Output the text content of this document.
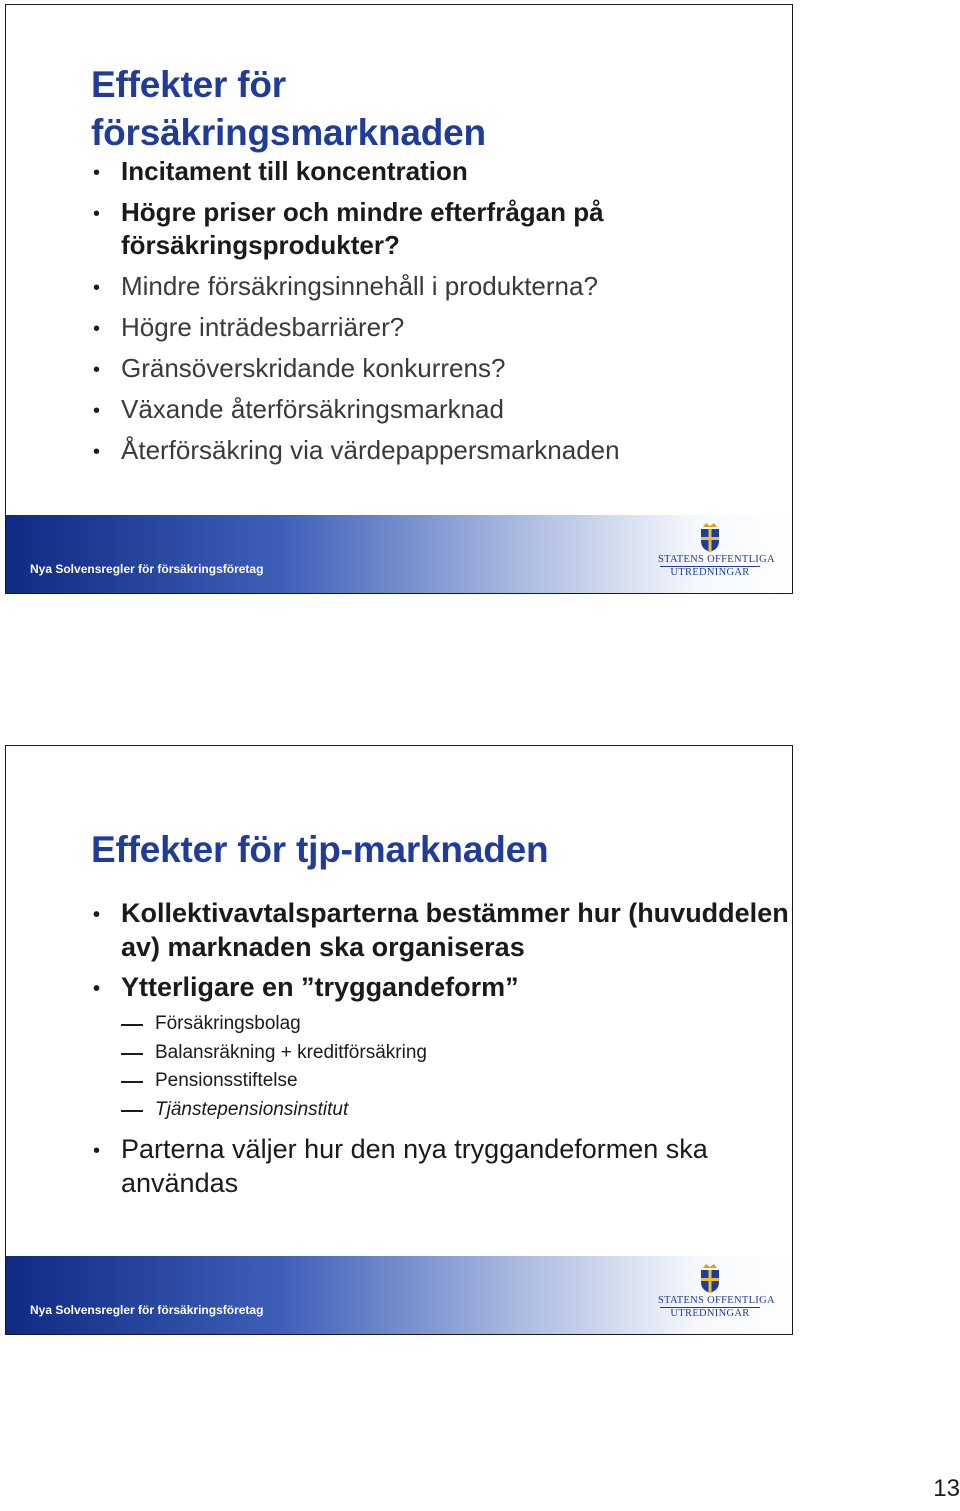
Effekter för
försäkringsmarknaden
• Incitament till koncentration
• Högre priser och mindre efterfrågan på försäkringsprodukter?
• Mindre försäkringsinnehåll i produkterna?
• Högre inträdesbarriärer?
• Gränsöverskridande konkurrens?
• Växande återförsäkringsmarknad
• Återförsäkring via värdepappersmarknaden
Nya Solvensregler för försäkringsföretag
STATENS OFFENTLIGA
UTREDNINGAR
Effekter för tjp-marknaden
• Kollektivavtalsparterna bestämmer hur (huvuddelen av) marknaden ska organiseras
• Ytterligare en ”tryggandeform”
Försäkringsbolag
Balansräkning + kreditförsäkring
Pensionsstiftelse
Tjänstepensionsinstitut
• Parterna väljer hur den nya tryggandeformen ska användas
Nya Solvensregler för försäkringsföretag
STATENS OFFENTLIGA
UTREDNINGAR
13
